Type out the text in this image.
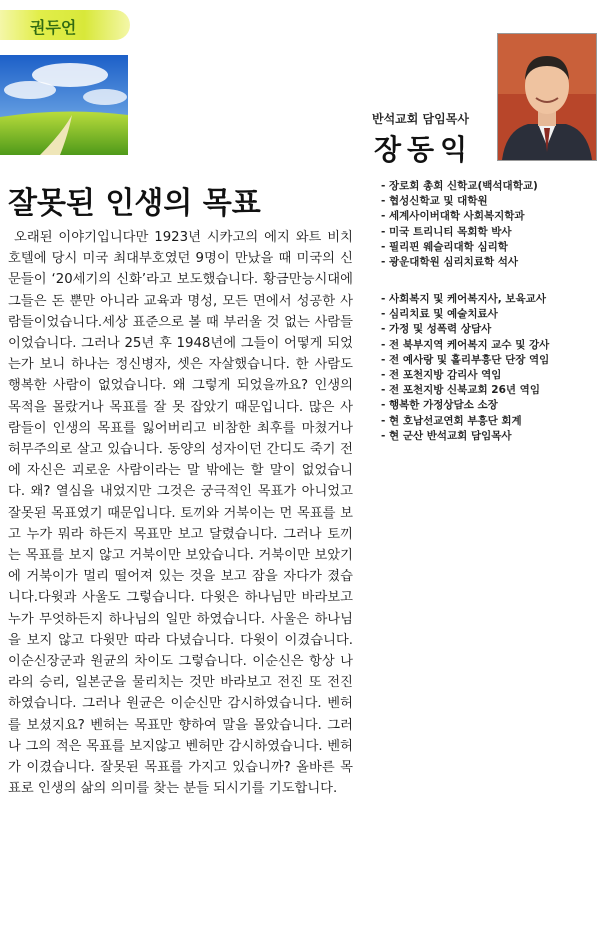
권두언
반석교회 담임목사
장동익
잘못된 인생의 목표

오래된 이야기입니다만 1923년 시카고의 에지 와트 비치호텔에 당시 미국 최대부호였던 9명이 만났을 때 미국의 신문들이 ‘20세기의 신화’라고 보도했습니다. 황금만능시대에 그들은 돈 뿐만 아니라 교육과 명성, 모든 면에서 성공한 사람들이었습니다.세상 표준으로 볼 때 부러울 것 없는 사람들이었습니다. 그러나 25년 후 1948년에 그들이 어떻게 되었는가 보니 하나는 정신병자, 셋은 자살했습니다. 한 사람도 행복한 사람이 없었습니다. 왜 그렇게 되었을까요? 인생의 목적을 몰랐거나 목표를 잘 못 잡았기 때문입니다. 많은 사람들이 인생의 목표를 잃어버리고 비참한 최후를 마쳤거나 허무주의로 살고 있습니다. 동양의 성자이던 간디도 죽기 전에 자신은 괴로운 사람이라는 말 밖에는 할 말이 없었습니다. 왜? 열심을 내었지만 그것은 궁극적인 목표가 아니었고 잘못된 목표였기 때문입니다. 토끼와 거북이는 먼 목표를 보고 누가 뭐라 하든지 목표만 보고 달렸습니다. 그러나 토끼는 목표를 보지 않고 거북이만 보았습니다. 거북이만 보았기에 거북이가 멀리 떨어져 있는 것을 보고 잠을 자다가 졌습니다.다윗과 사울도 그렇습니다. 다윗은 하나님만 바라보고 누가 무엇하든지 하나님의 일만 하였습니다. 사울은 하나님을 보지 않고 다윗만 따라 다녔습니다. 다윗이 이겼습니다. 이순신장군과 원균의 차이도 그렇습니다. 이순신은 항상 나라의 승리, 일본군을 물리치는 것만 바라보고 전진 또 전진하였습니다. 그러나 원균은 이순신만 감시하였습니다. 벤허를 보셨지요? 벤허는 목표만 향하여 말을 몰았습니다. 그러나 그의 적은 목표를 보지않고 벤허만 감시하였습니다. 벤허가 이겼습니다. 잘못된 목표를 가지고 있습니까? 올바른 목표로 인생의 삶의 의미를 찾는 분들 되시기를 기도합니다.

- 장로회 총회 신학교(백석대학교)
- 협성신학교 및 대학원
- 세계사이버대학 사회복지학과
- 미국 트리니티 목회학 박사
- 필리핀 웨슬리대학 심리학
- 광운대학원 심리치료학 석사
- 사회복지 및 케어복지사, 보육교사
- 심리치료 및 예술치료사
- 가정 및 성폭력 상담사
- 전 북부지역 케어복지 교수 및 강사
- 전 예사랑 및 홀리부흥단 단장 역임
- 전 포천지방 감리사 역임
- 전 포천지방 신북교회 26년 역임
- 행복한 가정상담소 소장
- 현 호남선교연회 부흥단 회계
- 현 군산 반석교회 담임목사
